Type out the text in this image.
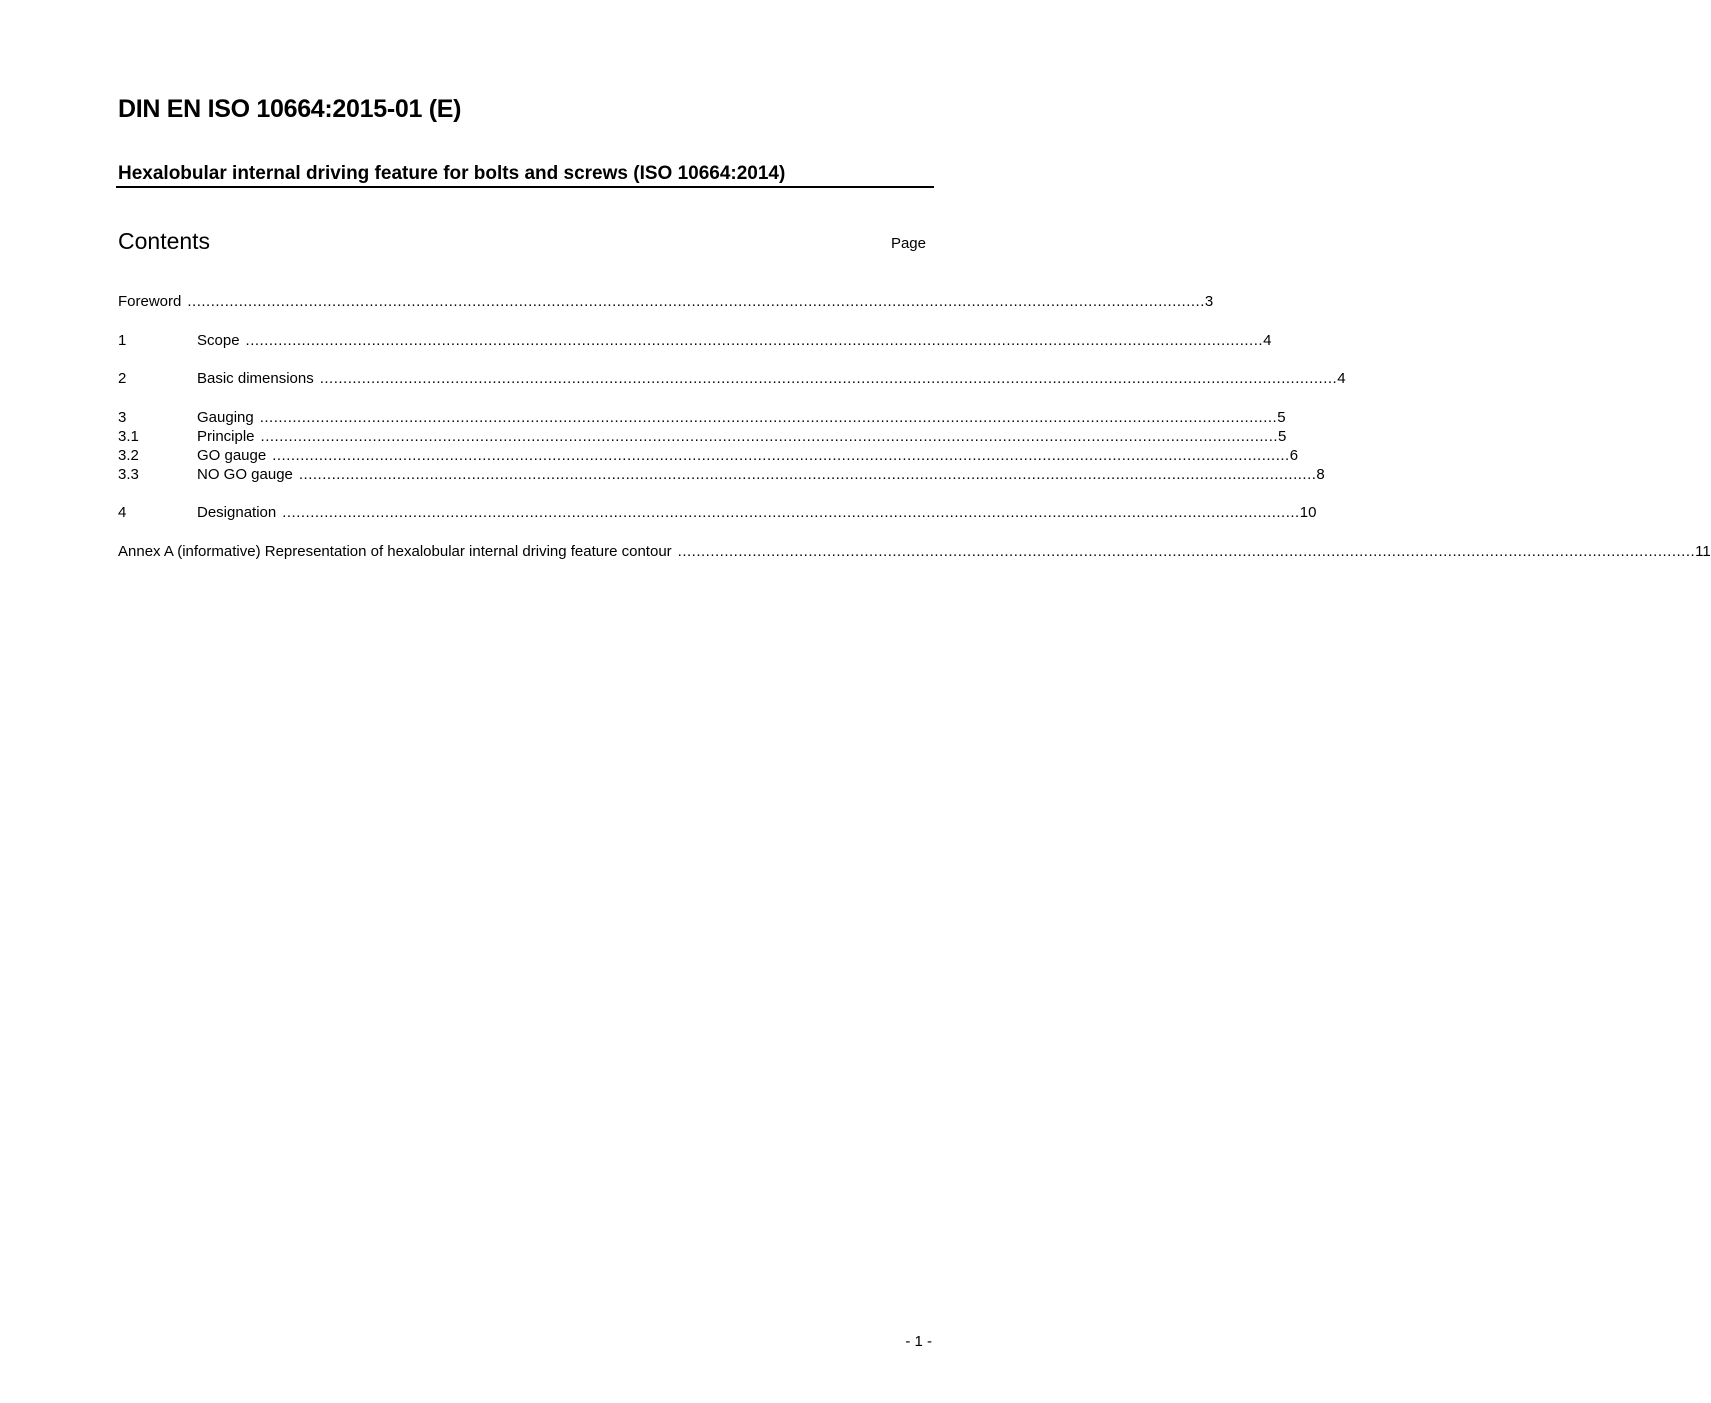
DIN EN ISO 10664:2015-01 (E)
Hexalobular internal driving feature for bolts and screws (ISO 10664:2014)
Contents	Page
Foreword .......................................................................................................................................................................................................................... 3
1	Scope .......................................................................................................................................................................................................................... 4
2	Basic dimensions .......................................................................................................................................................................................................................... 4
3	Gauging .......................................................................................................................................................................................................................... 5
3.1	Principle .......................................................................................................................................................................................................................... 5
3.2	GO gauge .......................................................................................................................................................................................................................... 6
3.3	NO GO gauge .......................................................................................................................................................................................................................... 8
4	Designation .......................................................................................................................................................................................................................... 10
Annex A (informative) Representation of hexalobular internal driving feature contour .......................................................................................................................................................................................................................... 11
- 1 -
